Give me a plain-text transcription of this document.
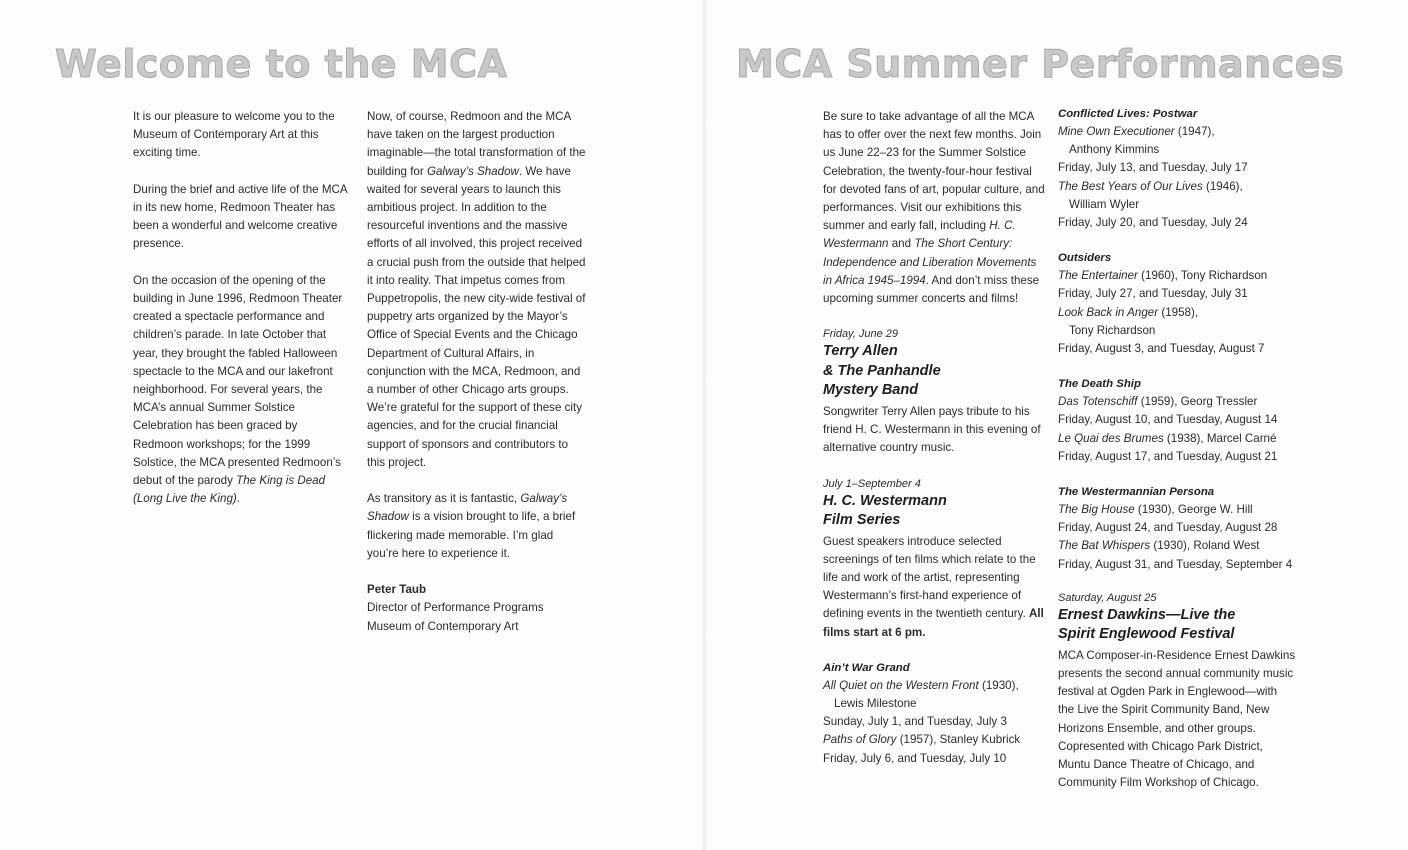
Welcome to the MCA

It is our pleasure to welcome you to the Museum of Contemporary Art at this exciting time.

During the brief and active life of the MCA in its new home, Redmoon Theater has been a wonderful and welcome creative presence.

On the occasion of the opening of the building in June 1996, Redmoon Theater created a spectacle performance and children’s parade. In late October that year, they brought the fabled Halloween spectacle to the MCA and our lakefront neighborhood. For several years, the MCA’s annual Summer Solstice Celebration has been graced by Redmoon workshops; for the 1999 Solstice, the MCA presented Redmoon’s debut of the parody The King is Dead (Long Live the King).

Now, of course, Redmoon and the MCA have taken on the largest production imaginable—the total transformation of the building for Galway’s Shadow. We have waited for several years to launch this ambitious project. In addition to the resourceful inventions and the massive efforts of all involved, this project received a crucial push from the outside that helped it into reality. That impetus comes from Puppetropolis, the new city-wide festival of puppetry arts organized by the Mayor’s Office of Special Events and the Chicago Department of Cultural Affairs, in conjunction with the MCA, Redmoon, and a number of other Chicago arts groups. We’re grateful for the support of these city agencies, and for the crucial financial support of sponsors and contributors to this project.

As transitory as it is fantastic, Galway’s Shadow is a vision brought to life, a brief flickering made memorable. I’m glad you’re here to experience it.

Peter Taub
Director of Performance Programs
Museum of Contemporary Art
MCA Summer Performances

Be sure to take advantage of all the MCA has to offer over the next few months. Join us June 22–23 for the Summer Solstice Celebration, the twenty-four-hour festival for devoted fans of art, popular culture, and performances. Visit our exhibitions this summer and early fall, including H. C. Westermann and The Short Century: Independence and Liberation Movements in Africa 1945–1994. And don’t miss these upcoming summer concerts and films!

Friday, June 29
Terry Allen
& The Panhandle
Mystery Band
Songwriter Terry Allen pays tribute to his friend H. C. Westermann in this evening of alternative country music.
July 1–September 4
H. C. Westermann
Film Series
Guest speakers introduce selected screenings of ten films which relate to the life and work of the artist, representing Westermann’s first-hand experience of defining events in the twentieth century. All films start at 6 pm.
Ain’t War Grand
All Quiet on the Western Front (1930),
Lewis Milestone
Sunday, July 1, and Tuesday, July 3
Paths of Glory (1957), Stanley Kubrick
Friday, July 6, and Tuesday, July 10
Conflicted Lives: Postwar
Mine Own Executioner (1947),
Anthony Kimmins
Friday, July 13, and Tuesday, July 17
The Best Years of Our Lives (1946),
William Wyler
Friday, July 20, and Tuesday, July 24
Outsiders
The Entertainer (1960), Tony Richardson
Friday, July 27, and Tuesday, July 31
Look Back in Anger (1958),
Tony Richardson
Friday, August 3, and Tuesday, August 7
The Death Ship
Das Totenschiff (1959), Georg Tressler
Friday, August 10, and Tuesday, August 14
Le Quai des Brumes (1938), Marcel Carné
Friday, August 17, and Tuesday, August 21
The Westermannian Persona
The Big House (1930), George W. Hill
Friday, August 24, and Tuesday, August 28
The Bat Whispers (1930), Roland West
Friday, August 31, and Tuesday, September 4
Saturday, August 25
Ernest Dawkins—Live the
Spirit Englewood Festival
MCA Composer-in-Residence Ernest Dawkins presents the second annual community music festival at Ogden Park in Englewood—with the Live the Spirit Community Band, New Horizons Ensemble, and other groups. Copresented with Chicago Park District, Muntu Dance Theatre of Chicago, and Community Film Workshop of Chicago.
